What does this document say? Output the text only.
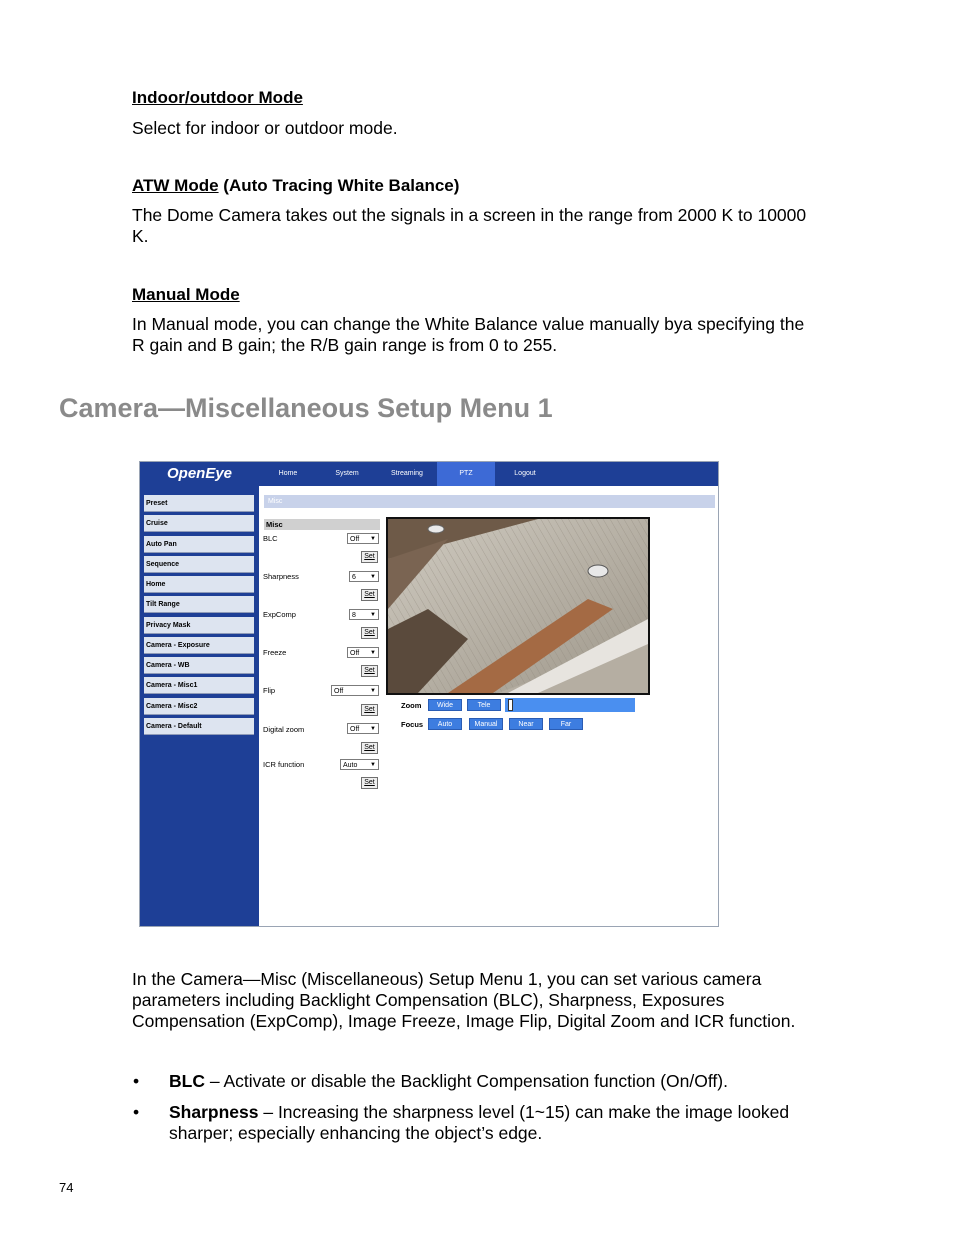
Indoor/outdoor Mode
Select for indoor or outdoor mode.
ATW Mode (Auto Tracing White Balance)
The Dome Camera takes out the signals in a screen in the range from 2000 K to 10000
K.
Manual Mode
In Manual mode, you can change the White Balance value manually bya specifying the
R gain and B gain; the R/B gain range is from 0 to 255.
Camera—Miscellaneous Setup Menu 1
OpenEye	Home	System	Streaming	PTZ	Logout
Preset
Cruise
Auto Pan
Sequence
Home
Tilt Range
Privacy Mask
Camera - Exposure
Camera - WB
Camera - Misc1
Camera - Misc2
Camera - Default
Misc
Misc
BLC	Off ▼
Set
Sharpness	6 ▼
Set
ExpComp	8 ▼
Set
Freeze	Off ▼
Set
Flip	Off	▼
Set
Digital zoom	Off ▼
Set
ICR function	Auto ▼
Set
Zoom	Wide	Tele
Focus	Auto	Manual	Near	Far
In the Camera—Misc (Miscellaneous) Setup Menu 1, you can set various camera
parameters including Backlight Compensation (BLC), Sharpness, Exposures
Compensation (ExpComp), Image Freeze, Image Flip, Digital Zoom and ICR function.
• BLC – Activate or disable the Backlight Compensation function (On/Off).
• Sharpness – Increasing the sharpness level (1~15) can make the image looked
sharper; especially enhancing the object’s edge.
74
